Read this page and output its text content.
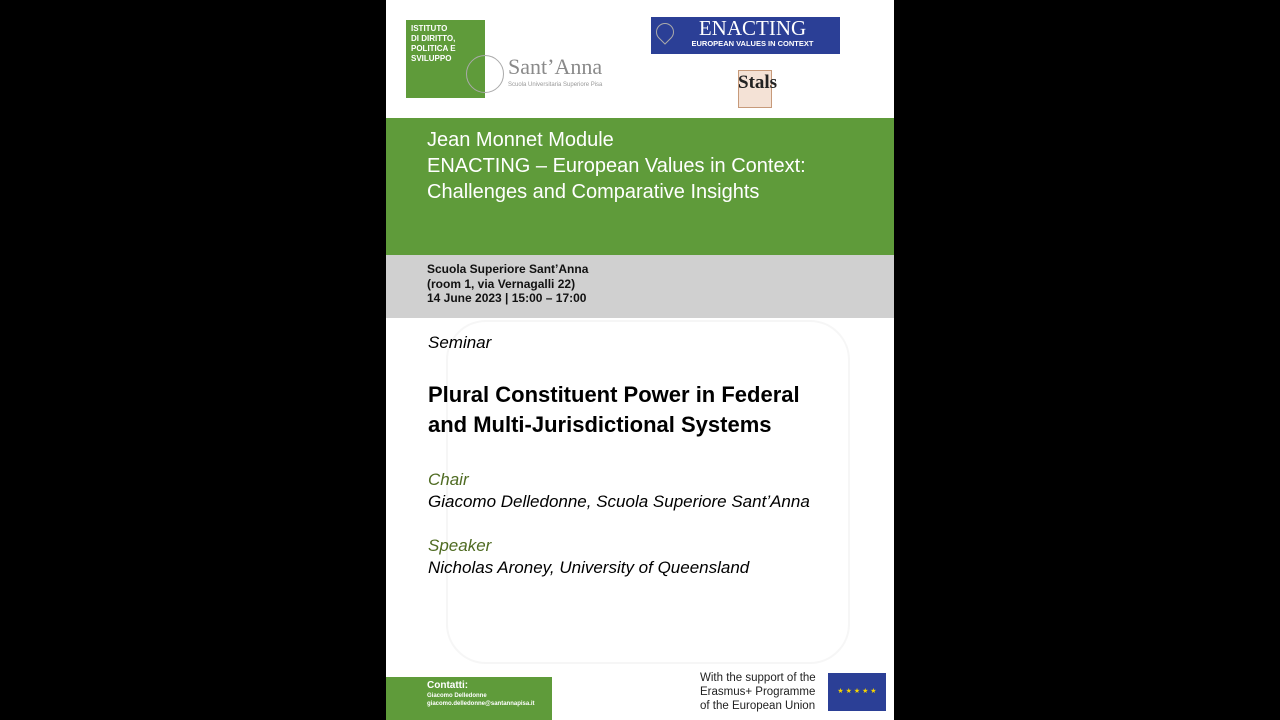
ISTITUTO
DI DIRITTO,
POLITICA E
SVILUPPO	Sant’Anna
Scuola Universitaria Superiore Pisa
ENACTING
EUROPEAN VALUES IN CONTEXT
Stals
Jean Monnet Module
ENACTING – European Values in Context:
Challenges and Comparative Insights
Scuola Superiore Sant’Anna
(room 1, via Vernagalli 22)
14 June 2023 | 15:00 – 17:00
Seminar
Plural Constituent Power in Federal
and Multi-Jurisdictional Systems
Chair
Giacomo Delledonne, Scuola Superiore Sant’Anna
Speaker
Nicholas Aroney, University of Queensland
Contatti:
Giacomo Delledonne
giacomo.delledonne@santannapisa.it
With the support of the
Erasmus+ Programme
of the European Union
★ ★ ★ ★ ★
